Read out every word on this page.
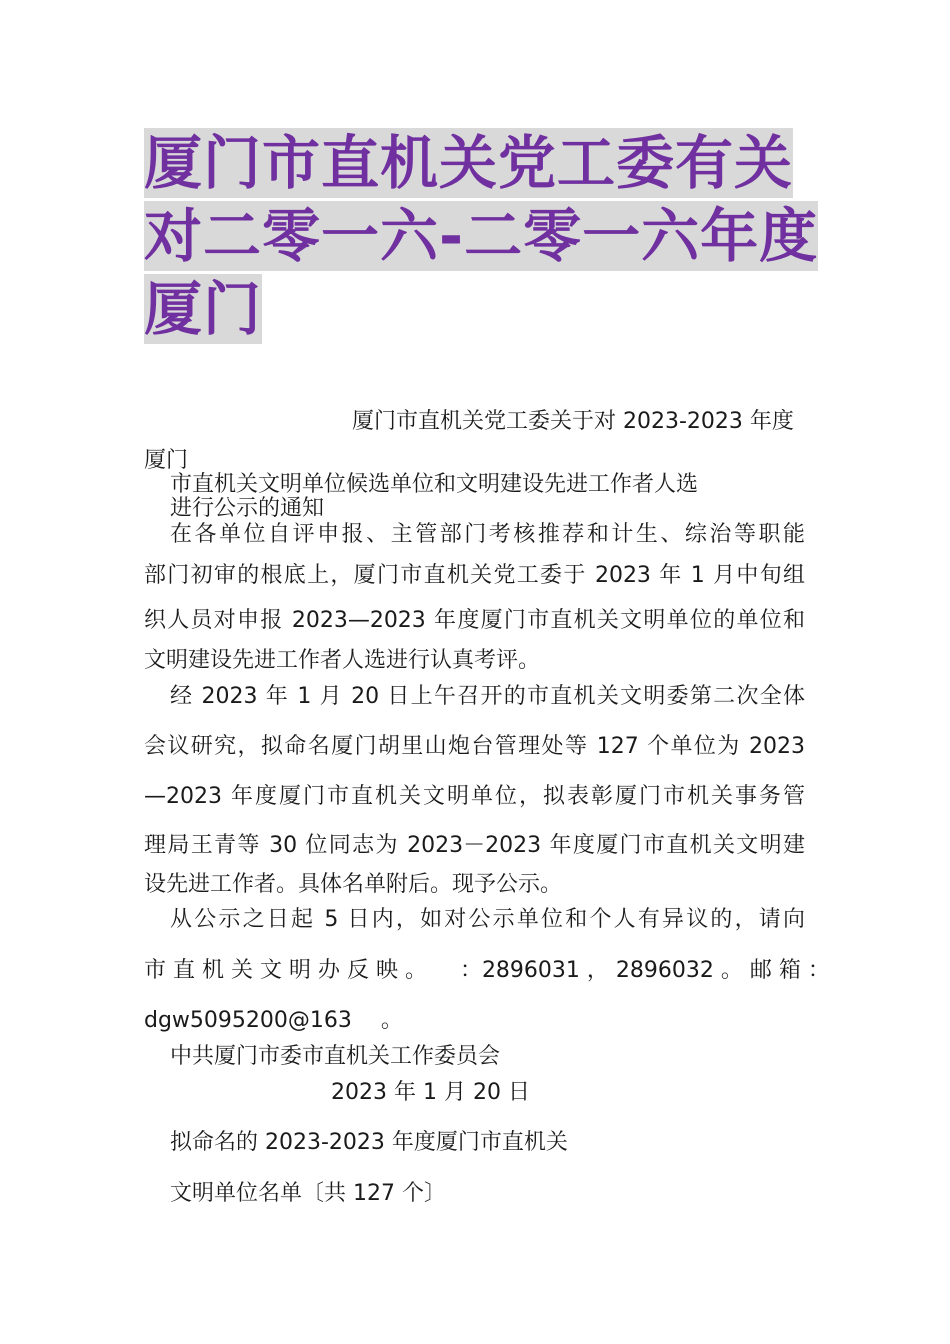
厦门市直机关党工委有关
对二零一六-二零一六年度
厦门
厦门市直机关党工委关于对 2023-2023 年度
厦门
市直机关文明单位候选单位和文明建设先进工作者人选
进行公示的通知
在各单位自评申报、主管部门考核推荐和计生、综治等职能
部门初审的根底上，厦门市直机关党工委于 2023 年 1 月中旬组
织人员对申报 2023—2023 年度厦门市直机关文明单位的单位和
文明建设先进工作者人选进行认真考评。
经 2023 年 1 月 20 日上午召开的市直机关文明委第二次全体
会议研究，拟命名厦门胡里山炮台管理处等 127 个单位为 2023
—2023 年度厦门市直机关文明单位，拟表彰厦门市机关事务管
理局王青等 30 位同志为 2023－2023 年度厦门市直机关文明建
设先进工作者。具体名单附后。现予公示。
从公示之日起 5 日内，如对公示单位和个人有异议的，请向
市 直 机 关 文 明 办 反 映 。　　：2896031 ， 2896032 。 邮 箱 ：
dgw5095200@163　 。
中共厦门市委市直机关工作委员会
2023 年 1 月 20 日
拟命名的 2023-2023 年度厦门市直机关
文明单位名单〔共 127 个〕
